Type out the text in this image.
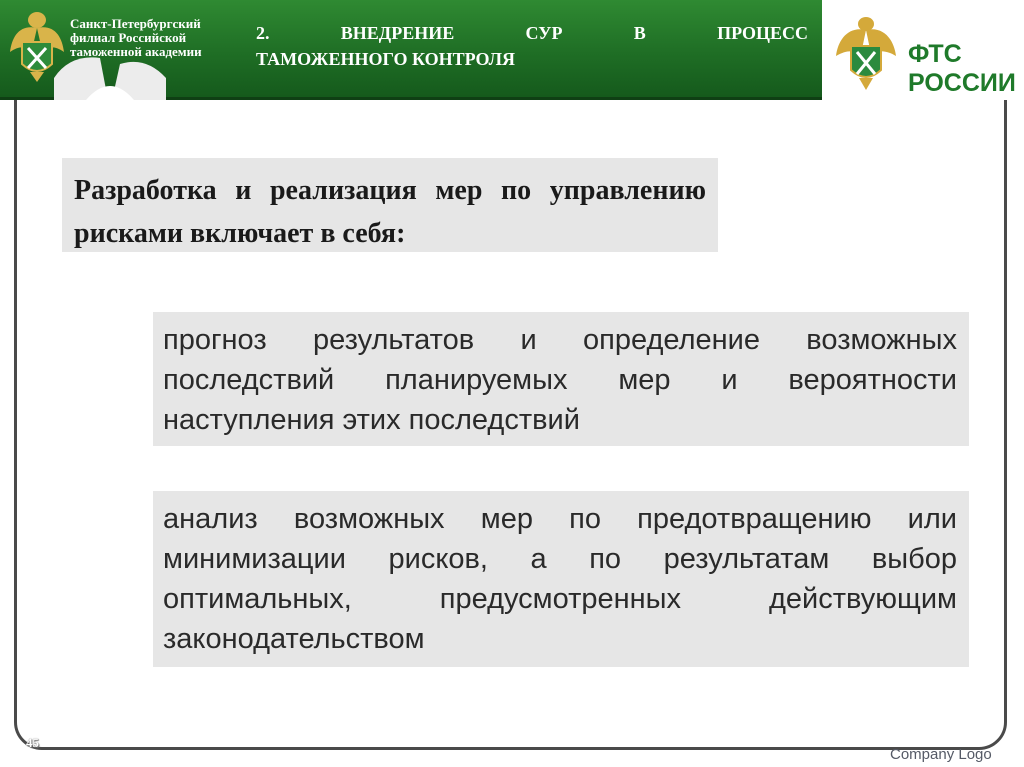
Санкт-Петербургский
филиал Российской
таможенной академии
2.	ВНЕДРЕНИЕ	СУР	В	ПРОЦЕСС
ТАМОЖЕННОГО КОНТРОЛЯ	ФТС
РОССИИ

Разработка и реализация мер по управлению рисками включает в себя:

прогноз результатов и определение возможных последствий планируемых мер и вероятности наступления этих последствий

анализ возможных мер по предотвращению или минимизации рисков, а по результатам выбор оптимальных, предусмотренных действующим законодательством

45
Company Logo
